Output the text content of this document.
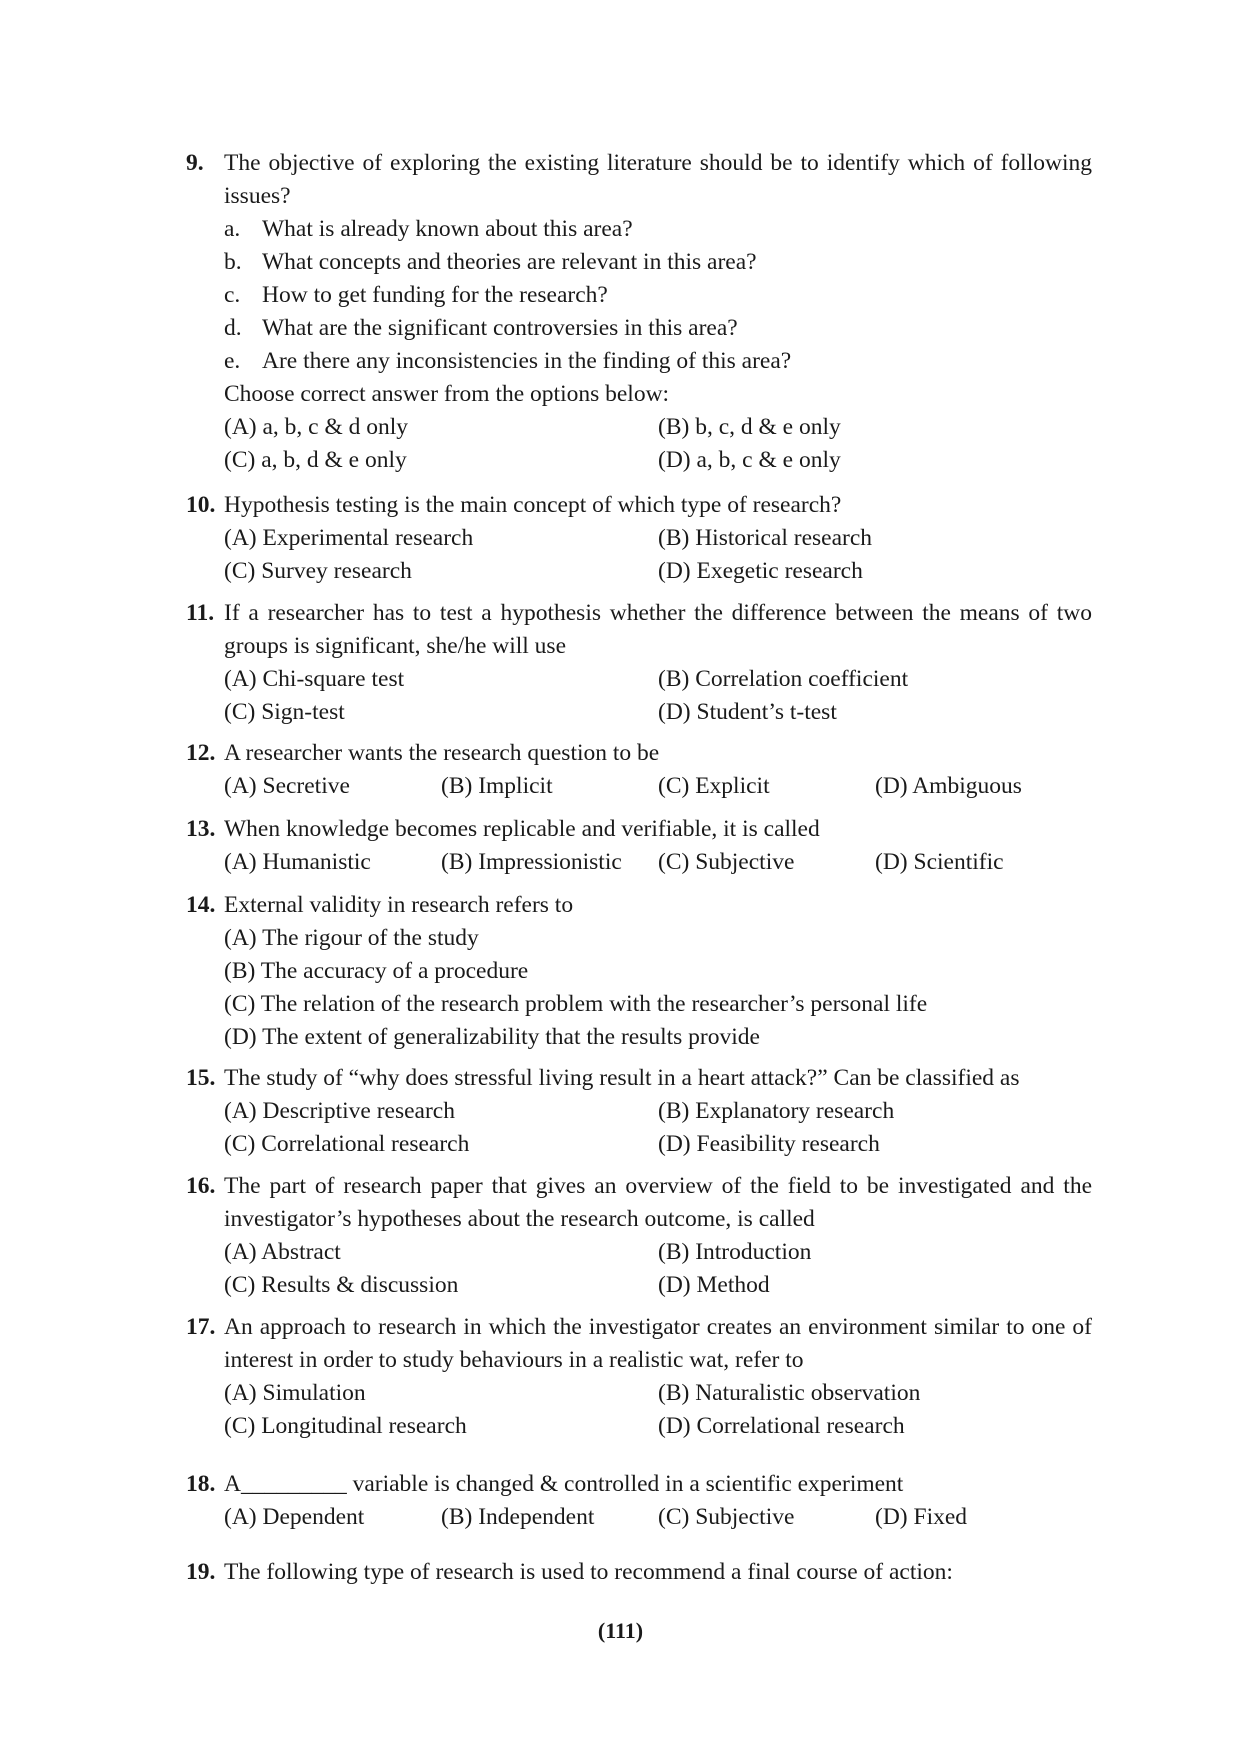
9. The objective of exploring the existing literature should be to identify which of following issues?
a. What is already known about this area?
b. What concepts and theories are relevant in this area?
c. How to get funding for the research?
d. What are the significant controversies in this area?
e. Are there any inconsistencies in the finding of this area?
Choose correct answer from the options below:
(A) a, b, c & d only	(B) b, c, d & e only
(C) a, b, d & e only	(D) a, b, c & e only
10. Hypothesis testing is the main concept of which type of research?
(A) Experimental research	(B) Historical research
(C) Survey research	(D) Exegetic research
11. If a researcher has to test a hypothesis whether the difference between the means of two groups is significant, she/he will use
(A) Chi-square test	(B) Correlation coefficient
(C) Sign-test	(D) Student’s t-test
12. A researcher wants the research question to be
(A) Secretive	(B) Implicit	(C) Explicit	(D) Ambiguous
13. When knowledge becomes replicable and verifiable, it is called
(A) Humanistic	(B) Impressionistic	(C) Subjective	(D) Scientific
14. External validity in research refers to
(A) The rigour of the study
(B) The accuracy of a procedure
(C) The relation of the research problem with the researcher’s personal life
(D) The extent of generalizability that the results provide
15. The study of “why does stressful living result in a heart attack?” Can be classified as
(A) Descriptive research	(B) Explanatory research
(C) Correlational research	(D) Feasibility research
16. The part of research paper that gives an overview of the field to be investigated and the investigator’s hypotheses about the research outcome, is called
(A) Abstract	(B) Introduction
(C) Results & discussion	(D) Method
17. An approach to research in which the investigator creates an environment similar to one of interest in order to study behaviours in a realistic wat, refer to
(A) Simulation	(B) Naturalistic observation
(C) Longitudinal research	(D) Correlational research
18. A_________ variable is changed & controlled in a scientific experiment
(A) Dependent	(B) Independent	(C) Subjective	(D) Fixed
19. The following type of research is used to recommend a final course of action:
(111)
